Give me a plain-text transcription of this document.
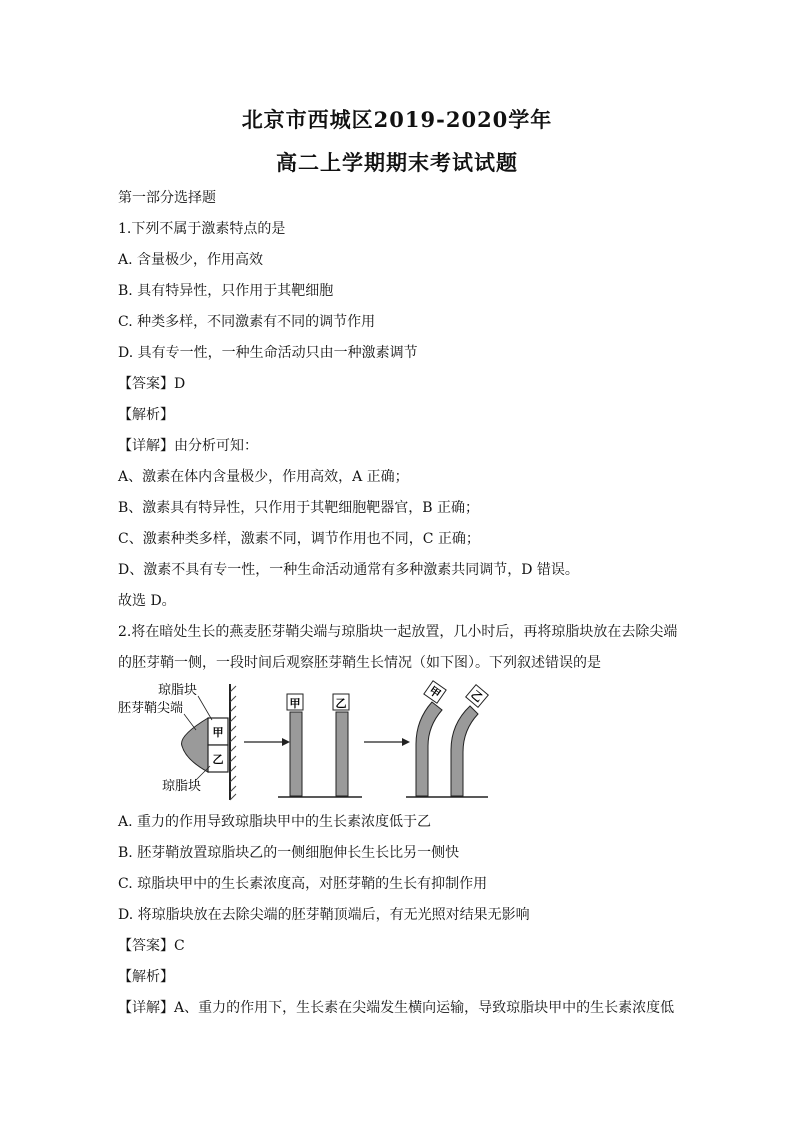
北京市西城区2019-2020学年
高二上学期期末考试试题
第一部分选择题
1.下列不属于激素特点的是
A. 含量极少，作用高效
B. 具有特异性，只作用于其靶细胞
C. 种类多样，不同激素有不同的调节作用
D. 具有专一性，一种生命活动只由一种激素调节
【答案】D
【解析】
【详解】由分析可知：
A、激素在体内含量极少，作用高效，A 正确；
B、激素具有特异性，只作用于其靶细胞靶器官，B 正确；
C、激素种类多样，激素不同，调节作用也不同，C 正确；
D、激素不具有专一性，一种生命活动通常有多种激素共同调节，D 错误。
故选 D。
2.将在暗处生长的燕麦胚芽鞘尖端与琼脂块一起放置，几小时后，再将琼脂块放在去除尖端
的胚芽鞘一侧，一段时间后观察胚芽鞘生长情况（如下图）。下列叙述错误的是
甲
乙
琼脂块
胚芽鞘尖端
琼脂块
甲	乙
甲 乙
A. 重力的作用导致琼脂块甲中的生长素浓度低于乙
B. 胚芽鞘放置琼脂块乙的一侧细胞伸长生长比另一侧快
C. 琼脂块甲中的生长素浓度高，对胚芽鞘的生长有抑制作用
D. 将琼脂块放在去除尖端的胚芽鞘顶端后，有无光照对结果无影响
【答案】C
【解析】
【详解】A、重力的作用下，生长素在尖端发生横向运输，导致琼脂块甲中的生长素浓度低
